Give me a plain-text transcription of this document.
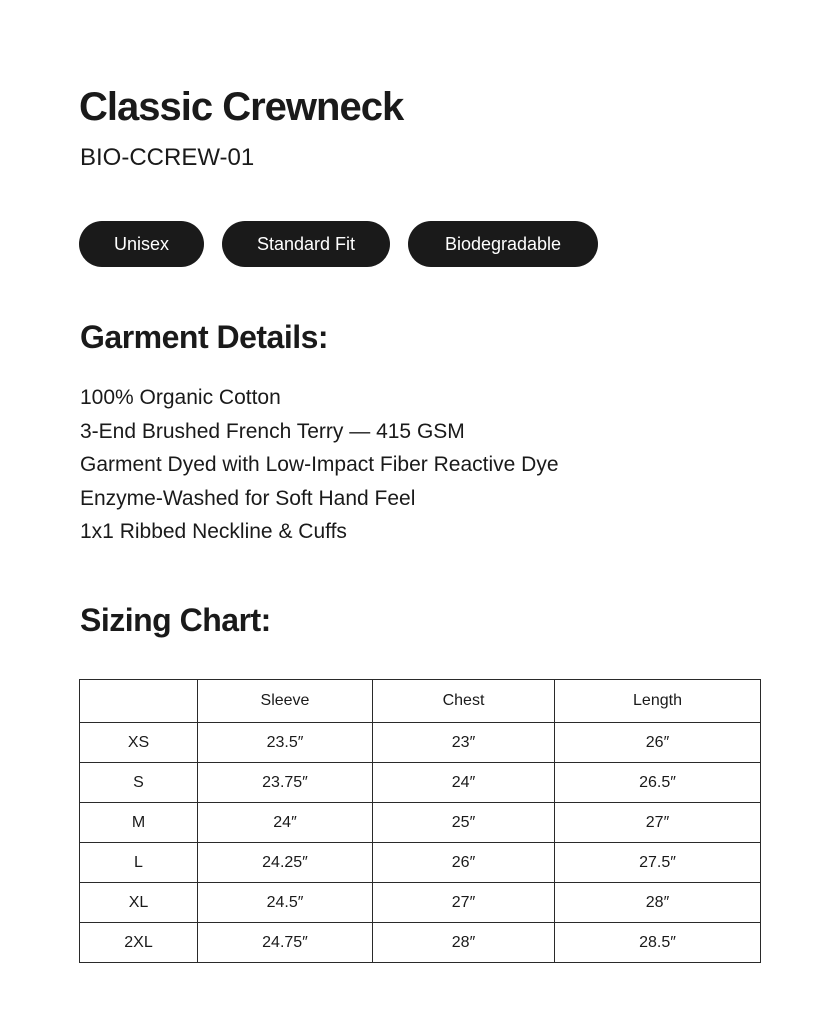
Classic Crewneck
BIO-CCREW-01
Unisex	Standard Fit	Biodegradable
Garment Details:
100% Organic Cotton
3-End Brushed French Terry — 415 GSM
Garment Dyed with Low-Impact Fiber Reactive Dye
Enzyme-Washed for Soft Hand Feel
1x1 Ribbed Neckline & Cuffs
Sizing Chart:
	Sleeve	Chest	Length
XS	23.5″	23″	26″
S	23.75″	24″	26.5″
M	24″	25″	27″
L	24.25″	26″	27.5″
XL	24.5″	27″	28″
2XL	24.75″	28″	28.5″
